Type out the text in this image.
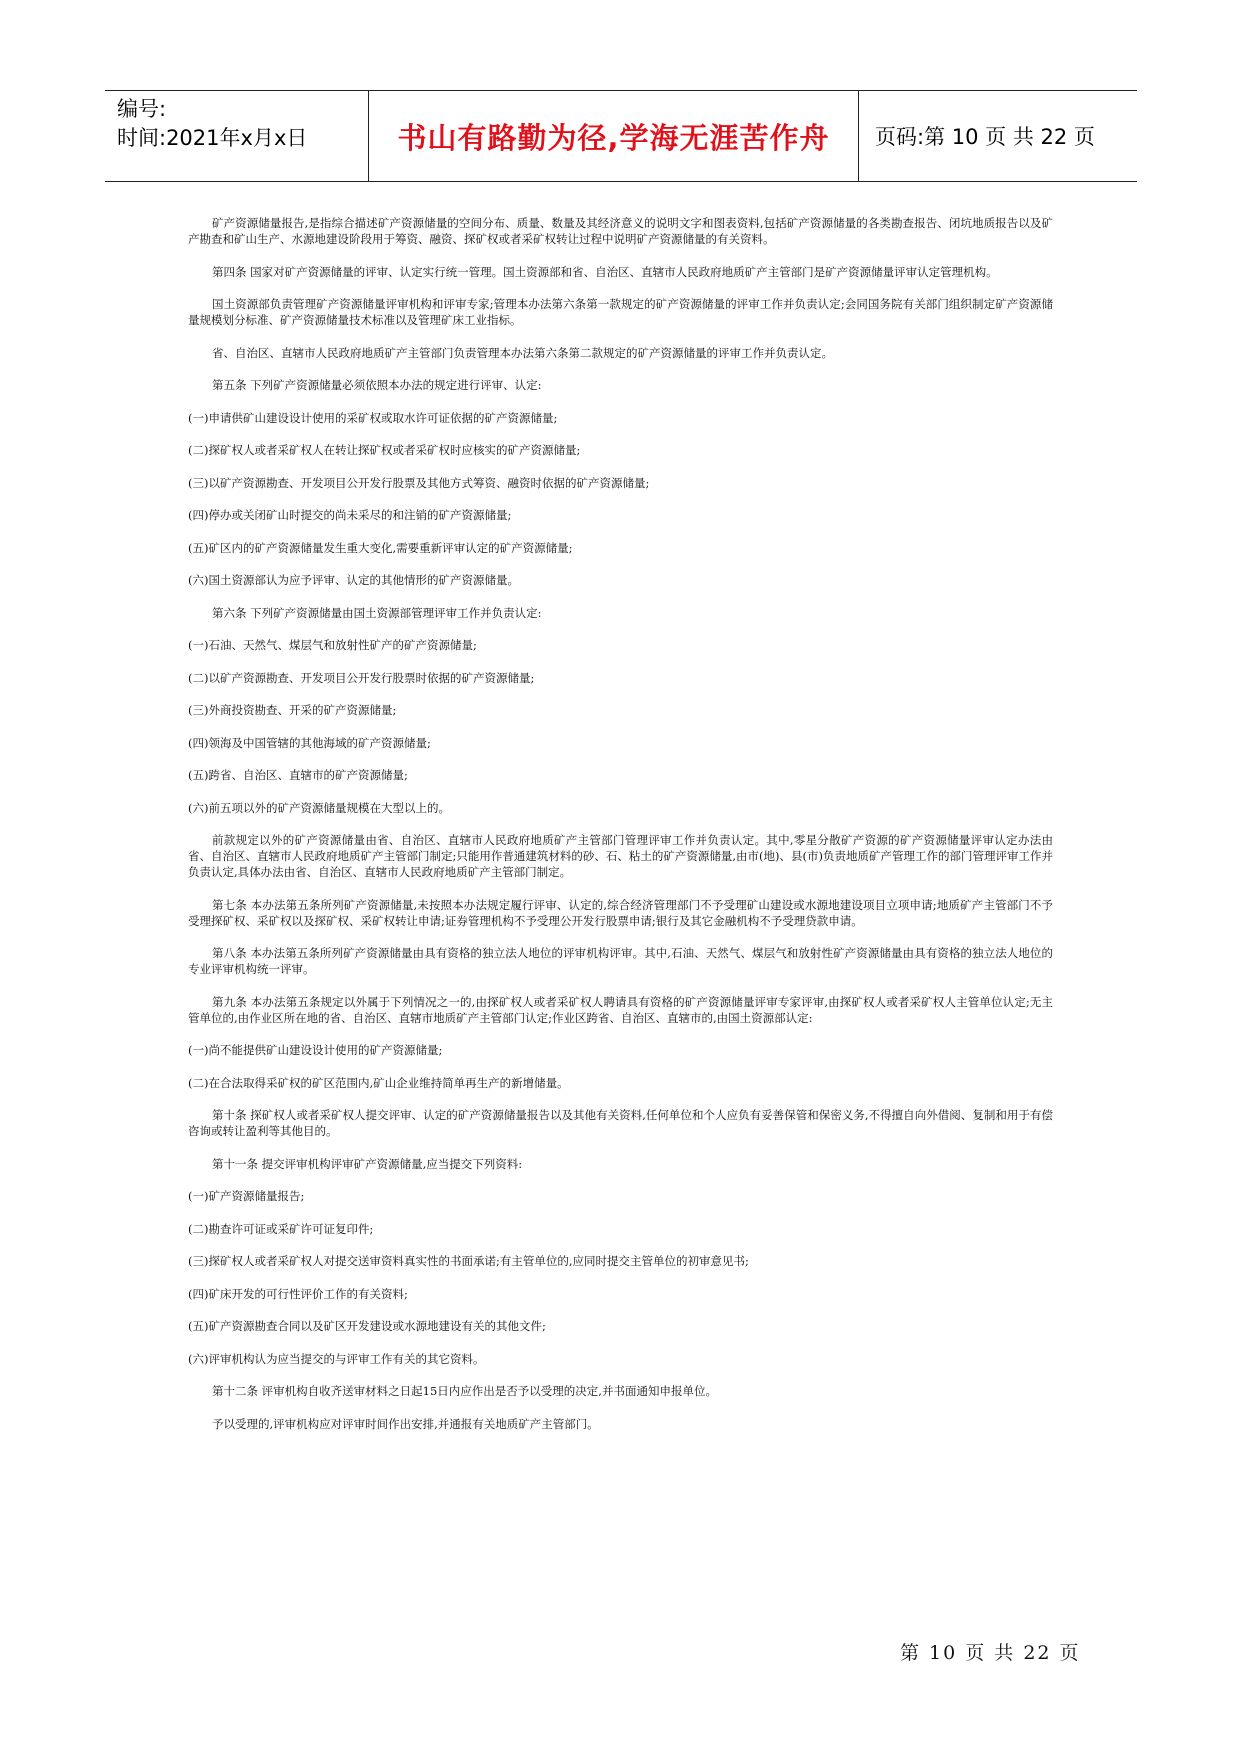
编号:
时间:2021年x月x日	书山有路勤为径,学海无涯苦作舟	页码:第 10 页 共 22 页

矿产资源储量报告,是指综合描述矿产资源储量的空间分布、质量、数量及其经济意义的说明文字和图表资料,包括矿产资源储量的各类勘查报告、闭坑地质报告以及矿产勘查和矿山生产、水源地建设阶段用于筹资、融资、探矿权或者采矿权转让过程中说明矿产资源储量的有关资料。

第四条 国家对矿产资源储量的评审、认定实行统一管理。国土资源部和省、自治区、直辖市人民政府地质矿产主管部门是矿产资源储量评审认定管理机构。

国土资源部负责管理矿产资源储量评审机构和评审专家;管理本办法第六条第一款规定的矿产资源储量的评审工作并负责认定;会同国务院有关部门组织制定矿产资源储量规模划分标准、矿产资源储量技术标准以及管理矿床工业指标。

省、自治区、直辖市人民政府地质矿产主管部门负责管理本办法第六条第二款规定的矿产资源储量的评审工作并负责认定。

第五条 下列矿产资源储量必须依照本办法的规定进行评审、认定:

(一)申请供矿山建设设计使用的采矿权或取水许可证依据的矿产资源储量;

(二)探矿权人或者采矿权人在转让探矿权或者采矿权时应核实的矿产资源储量;

(三)以矿产资源勘查、开发项目公开发行股票及其他方式筹资、融资时依据的矿产资源储量;

(四)停办或关闭矿山时提交的尚未采尽的和注销的矿产资源储量;

(五)矿区内的矿产资源储量发生重大变化,需要重新评审认定的矿产资源储量;

(六)国土资源部认为应予评审、认定的其他情形的矿产资源储量。

第六条 下列矿产资源储量由国土资源部管理评审工作并负责认定:

(一)石油、天然气、煤层气和放射性矿产的矿产资源储量;

(二)以矿产资源勘查、开发项目公开发行股票时依据的矿产资源储量;

(三)外商投资勘查、开采的矿产资源储量;

(四)领海及中国管辖的其他海域的矿产资源储量;

(五)跨省、自治区、直辖市的矿产资源储量;

(六)前五项以外的矿产资源储量规模在大型以上的。

前款规定以外的矿产资源储量由省、自治区、直辖市人民政府地质矿产主管部门管理评审工作并负责认定。其中,零星分散矿产资源的矿产资源储量评审认定办法由省、自治区、直辖市人民政府地质矿产主管部门制定;只能用作普通建筑材料的砂、石、粘土的矿产资源储量,由市(地)、县(市)负责地质矿产管理工作的部门管理评审工作并负责认定,具体办法由省、自治区、直辖市人民政府地质矿产主管部门制定。

第七条 本办法第五条所列矿产资源储量,未按照本办法规定履行评审、认定的,综合经济管理部门不予受理矿山建设或水源地建设项目立项申请;地质矿产主管部门不予受理探矿权、采矿权以及探矿权、采矿权转让申请;证券管理机构不予受理公开发行股票申请;银行及其它金融机构不予受理贷款申请。

第八条 本办法第五条所列矿产资源储量由具有资格的独立法人地位的评审机构评审。其中,石油、天然气、煤层气和放射性矿产资源储量由具有资格的独立法人地位的专业评审机构统一评审。

第九条 本办法第五条规定以外属于下列情况之一的,由探矿权人或者采矿权人聘请具有资格的矿产资源储量评审专家评审,由探矿权人或者采矿权人主管单位认定;无主管单位的,由作业区所在地的省、自治区、直辖市地质矿产主管部门认定;作业区跨省、自治区、直辖市的,由国土资源部认定:

(一)尚不能提供矿山建设设计使用的矿产资源储量;

(二)在合法取得采矿权的矿区范围内,矿山企业维持简单再生产的新增储量。

第十条 探矿权人或者采矿权人提交评审、认定的矿产资源储量报告以及其他有关资料,任何单位和个人应负有妥善保管和保密义务,不得擅自向外借阅、复制和用于有偿咨询或转让盈利等其他目的。

第十一条 提交评审机构评审矿产资源储量,应当提交下列资料:

(一)矿产资源储量报告;

(二)勘查许可证或采矿许可证复印件;

(三)探矿权人或者采矿权人对提交送审资料真实性的书面承诺;有主管单位的,应同时提交主管单位的初审意见书;

(四)矿床开发的可行性评价工作的有关资料;

(五)矿产资源勘查合同以及矿区开发建设或水源地建设有关的其他文件;

(六)评审机构认为应当提交的与评审工作有关的其它资料。

第十二条 评审机构自收齐送审材料之日起15日内应作出是否予以受理的决定,并书面通知申报单位。

予以受理的,评审机构应对评审时间作出安排,并通报有关地质矿产主管部门。

第 10 页 共 22 页
